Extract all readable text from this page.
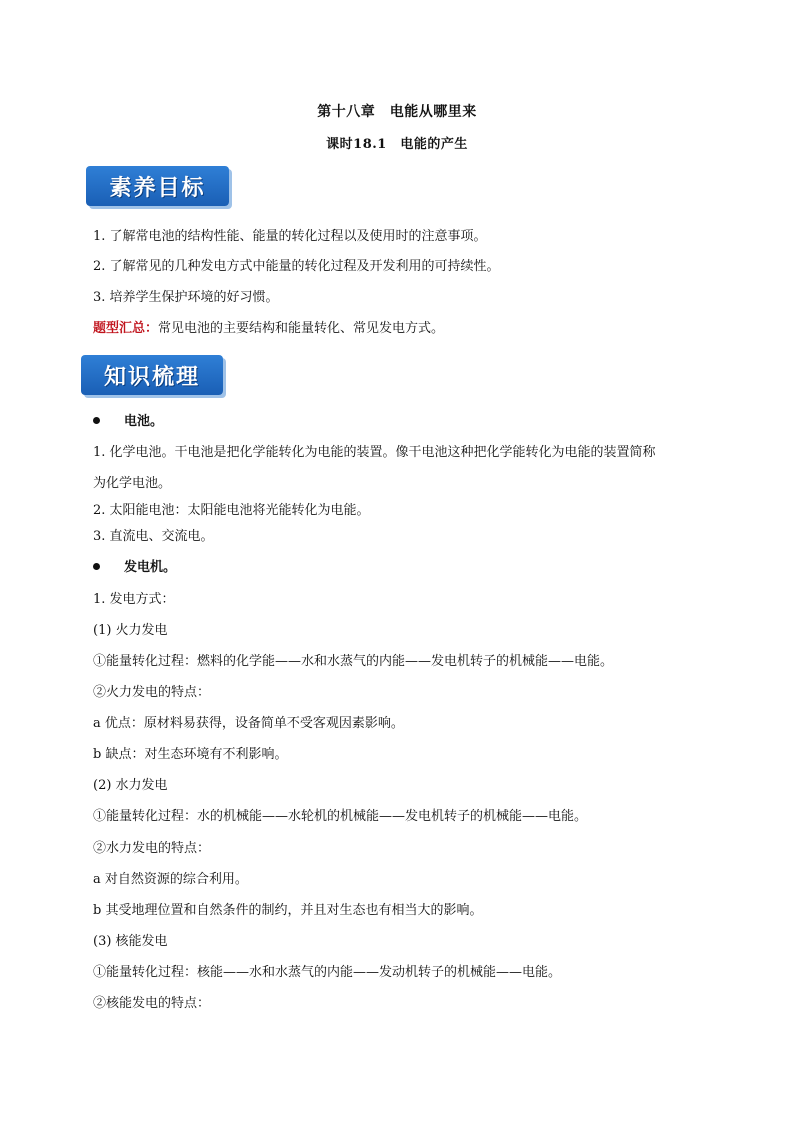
第十八章　电能从哪里来
课时18.1　电能的产生
素养目标
1. 了解常电池的结构性能、能量的转化过程以及使用时的注意事项。
2. 了解常见的几种发电方式中能量的转化过程及开发利用的可持续性。
3. 培养学生保护环境的好习惯。
题型汇总：常见电池的主要结构和能量转化、常见发电方式。
知识梳理
电池。
1. 化学电池。干电池是把化学能转化为电能的装置。像干电池这种把化学能转化为电能的装置简称
为化学电池。
2. 太阳能电池：太阳能电池将光能转化为电能。
3. 直流电、交流电。
发电机。
1. 发电方式：
(1) 火力发电
①能量转化过程：燃料的化学能——水和水蒸气的内能——发电机转子的机械能——电能。
②火力发电的特点：
a 优点：原材料易获得，设备简单不受客观因素影响。
b 缺点：对生态环境有不利影响。
(2) 水力发电
①能量转化过程：水的机械能——水轮机的机械能——发电机转子的机械能——电能。
②水力发电的特点：
a 对自然资源的综合利用。
b 其受地理位置和自然条件的制约，并且对生态也有相当大的影响。
(3) 核能发电
①能量转化过程：核能——水和水蒸气的内能——发动机转子的机械能——电能。
②核能发电的特点：
